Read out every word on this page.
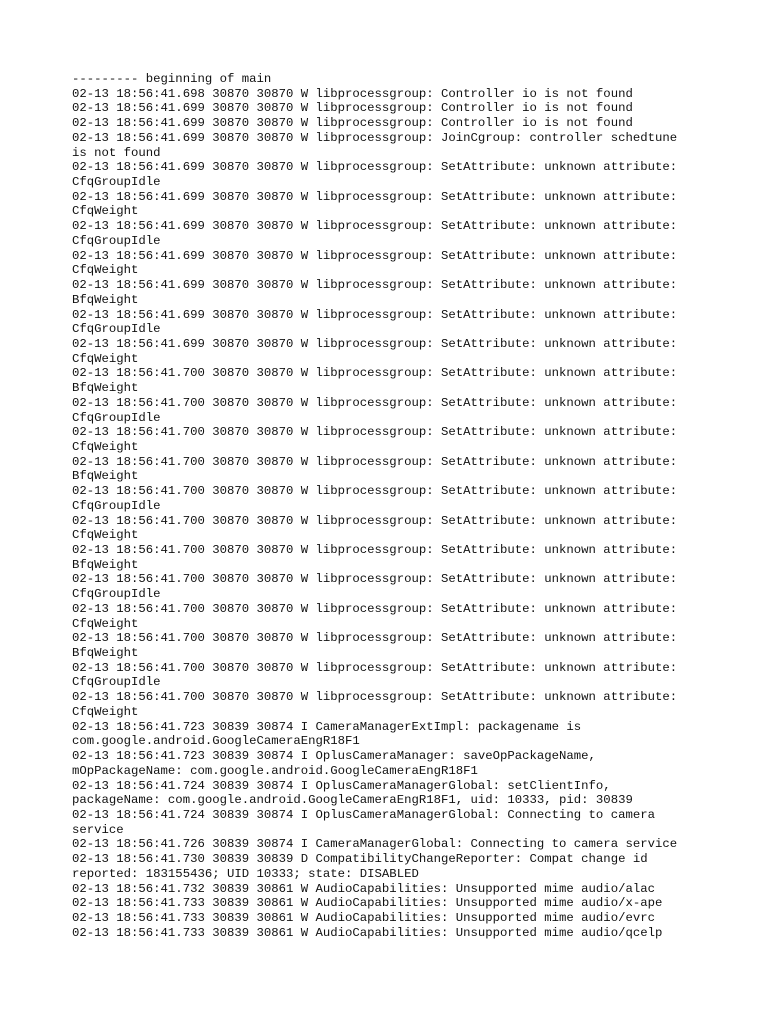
--------- beginning of main
02-13 18:56:41.698 30870 30870 W libprocessgroup: Controller io is not found
02-13 18:56:41.699 30870 30870 W libprocessgroup: Controller io is not found
02-13 18:56:41.699 30870 30870 W libprocessgroup: Controller io is not found
02-13 18:56:41.699 30870 30870 W libprocessgroup: JoinCgroup: controller schedtune
is not found
02-13 18:56:41.699 30870 30870 W libprocessgroup: SetAttribute: unknown attribute:
CfqGroupIdle
02-13 18:56:41.699 30870 30870 W libprocessgroup: SetAttribute: unknown attribute:
CfqWeight
02-13 18:56:41.699 30870 30870 W libprocessgroup: SetAttribute: unknown attribute:
CfqGroupIdle
02-13 18:56:41.699 30870 30870 W libprocessgroup: SetAttribute: unknown attribute:
CfqWeight
02-13 18:56:41.699 30870 30870 W libprocessgroup: SetAttribute: unknown attribute:
BfqWeight
02-13 18:56:41.699 30870 30870 W libprocessgroup: SetAttribute: unknown attribute:
CfqGroupIdle
02-13 18:56:41.699 30870 30870 W libprocessgroup: SetAttribute: unknown attribute:
CfqWeight
02-13 18:56:41.700 30870 30870 W libprocessgroup: SetAttribute: unknown attribute:
BfqWeight
02-13 18:56:41.700 30870 30870 W libprocessgroup: SetAttribute: unknown attribute:
CfqGroupIdle
02-13 18:56:41.700 30870 30870 W libprocessgroup: SetAttribute: unknown attribute:
CfqWeight
02-13 18:56:41.700 30870 30870 W libprocessgroup: SetAttribute: unknown attribute:
BfqWeight
02-13 18:56:41.700 30870 30870 W libprocessgroup: SetAttribute: unknown attribute:
CfqGroupIdle
02-13 18:56:41.700 30870 30870 W libprocessgroup: SetAttribute: unknown attribute:
CfqWeight
02-13 18:56:41.700 30870 30870 W libprocessgroup: SetAttribute: unknown attribute:
BfqWeight
02-13 18:56:41.700 30870 30870 W libprocessgroup: SetAttribute: unknown attribute:
CfqGroupIdle
02-13 18:56:41.700 30870 30870 W libprocessgroup: SetAttribute: unknown attribute:
CfqWeight
02-13 18:56:41.700 30870 30870 W libprocessgroup: SetAttribute: unknown attribute:
BfqWeight
02-13 18:56:41.700 30870 30870 W libprocessgroup: SetAttribute: unknown attribute:
CfqGroupIdle
02-13 18:56:41.700 30870 30870 W libprocessgroup: SetAttribute: unknown attribute:
CfqWeight
02-13 18:56:41.723 30839 30874 I CameraManagerExtImpl: packagename is
com.google.android.GoogleCameraEngR18F1
02-13 18:56:41.723 30839 30874 I OplusCameraManager: saveOpPackageName,
mOpPackageName: com.google.android.GoogleCameraEngR18F1
02-13 18:56:41.724 30839 30874 I OplusCameraManagerGlobal: setClientInfo,
packageName: com.google.android.GoogleCameraEngR18F1, uid: 10333, pid: 30839
02-13 18:56:41.724 30839 30874 I OplusCameraManagerGlobal: Connecting to camera
service
02-13 18:56:41.726 30839 30874 I CameraManagerGlobal: Connecting to camera service
02-13 18:56:41.730 30839 30839 D CompatibilityChangeReporter: Compat change id
reported: 183155436; UID 10333; state: DISABLED
02-13 18:56:41.732 30839 30861 W AudioCapabilities: Unsupported mime audio/alac
02-13 18:56:41.733 30839 30861 W AudioCapabilities: Unsupported mime audio/x-ape
02-13 18:56:41.733 30839 30861 W AudioCapabilities: Unsupported mime audio/evrc
02-13 18:56:41.733 30839 30861 W AudioCapabilities: Unsupported mime audio/qcelp
